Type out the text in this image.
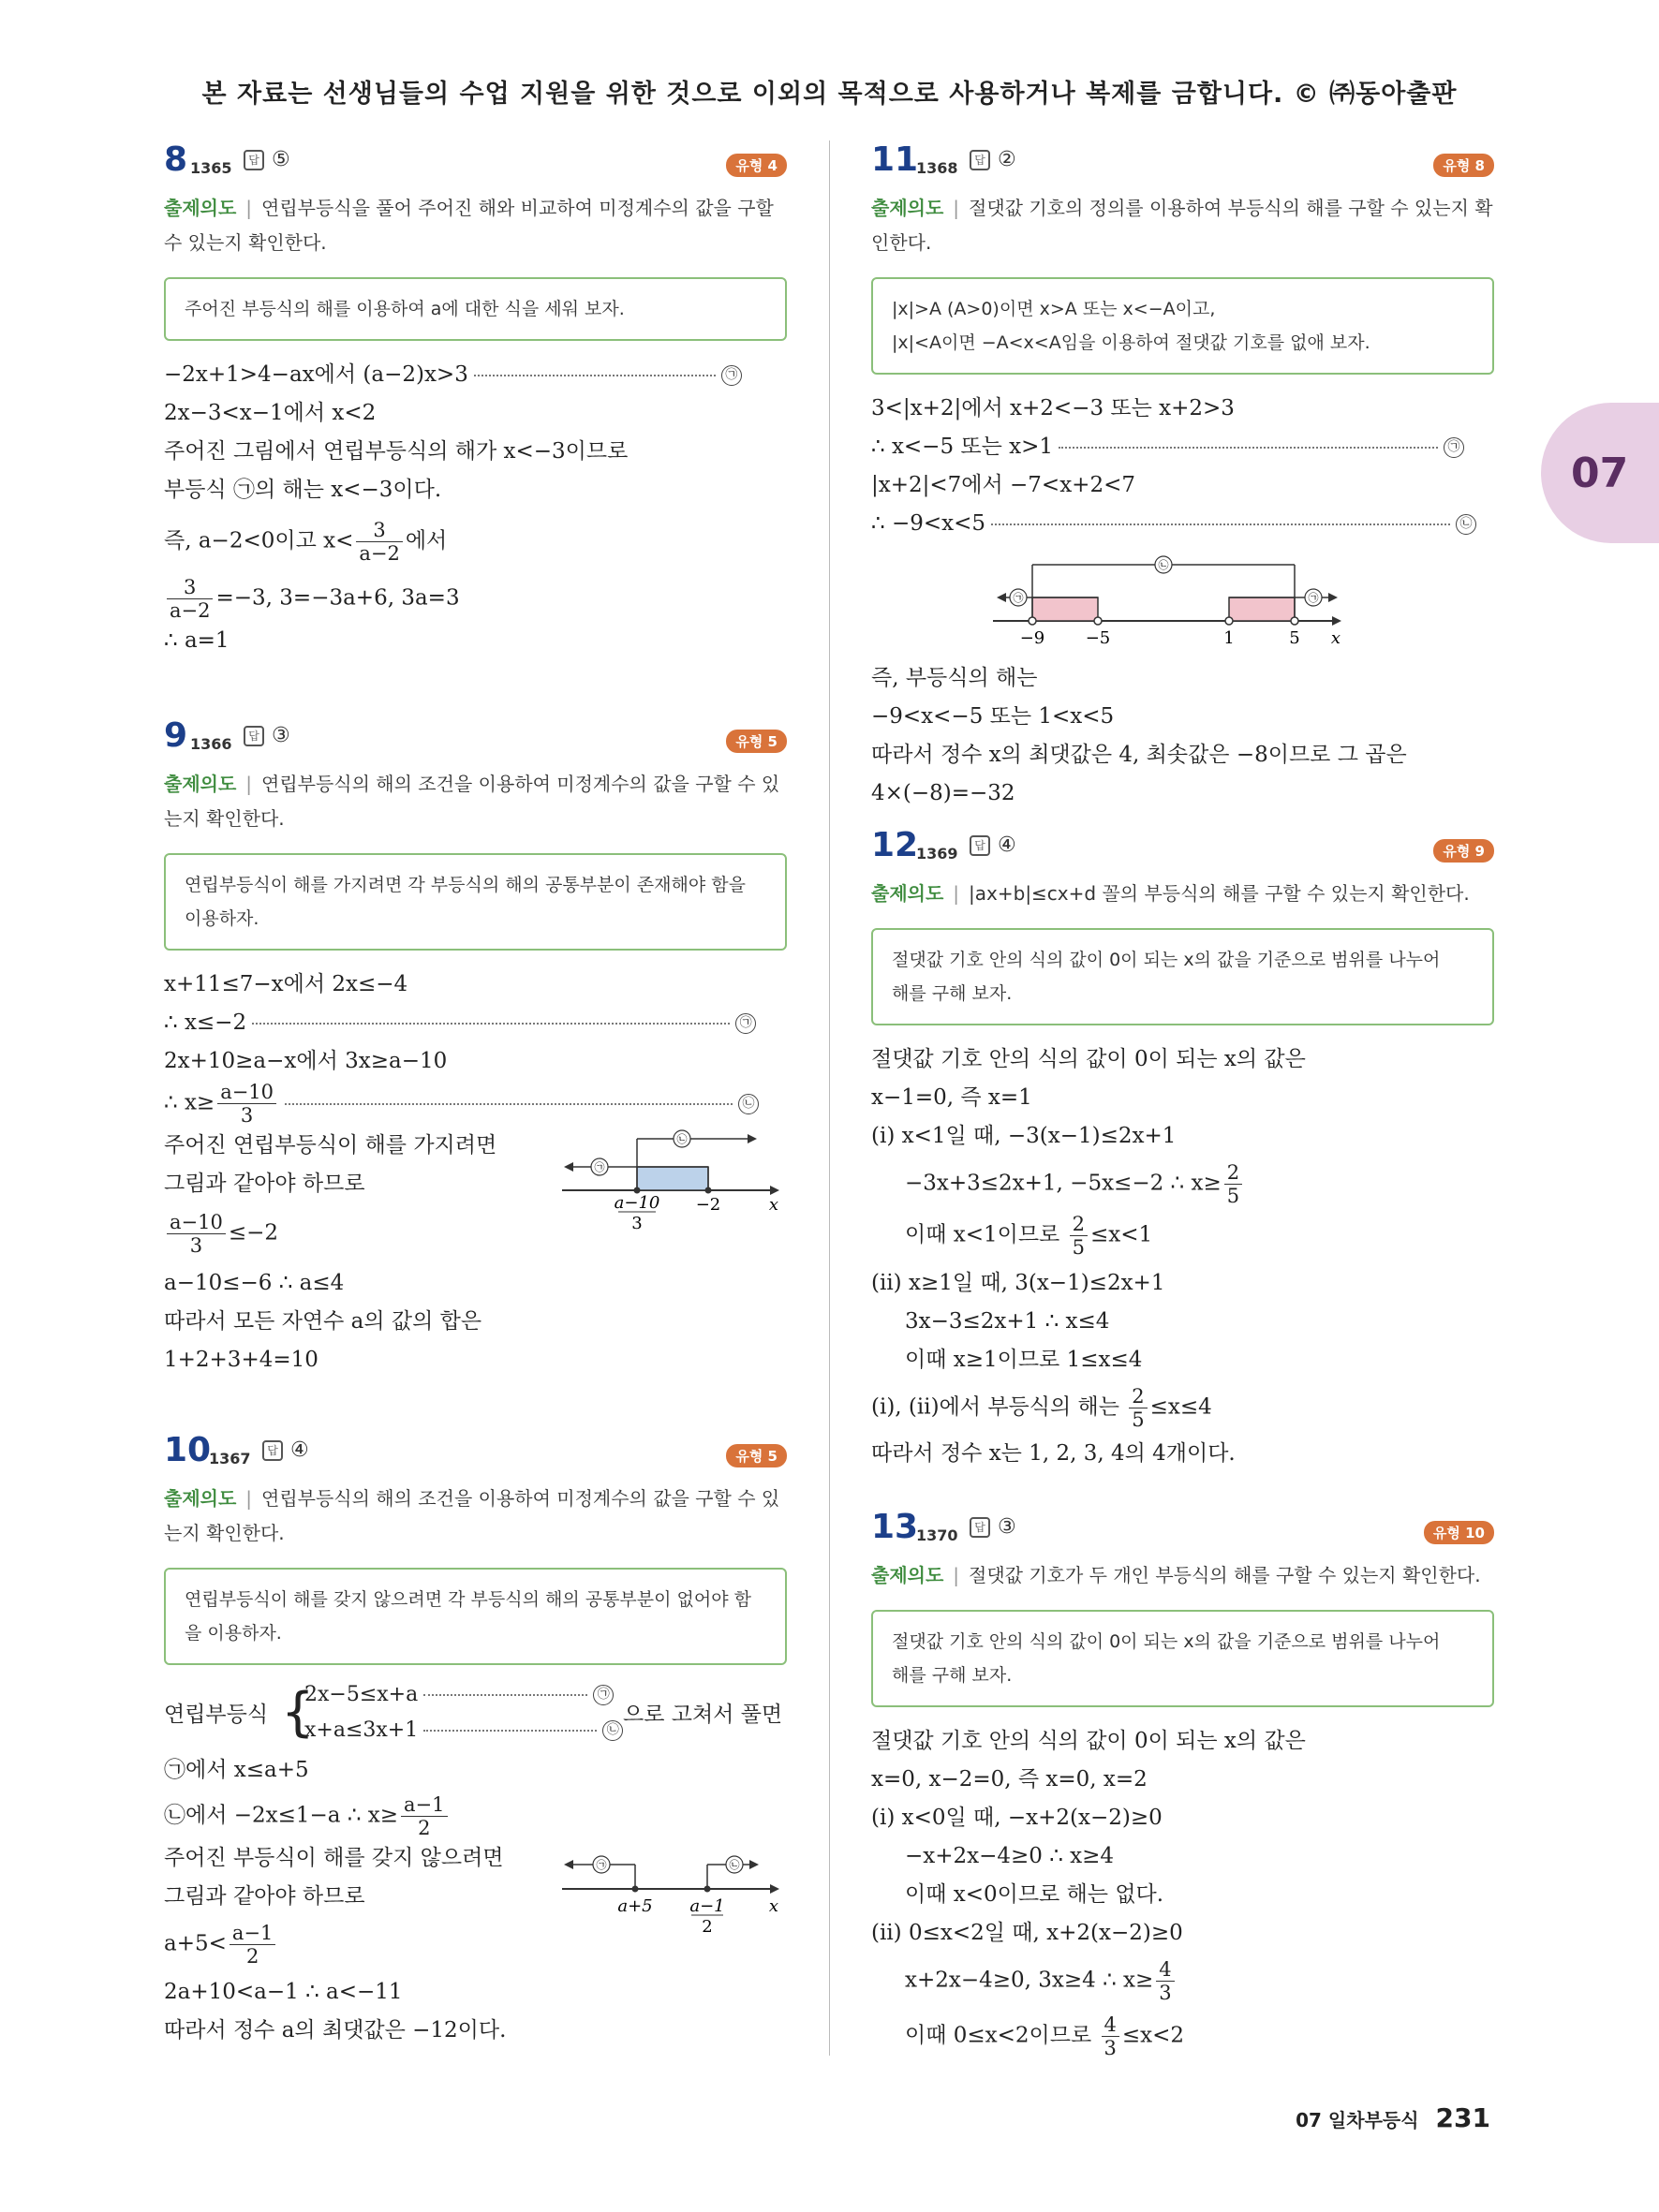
본 자료는 선생님들의 수업 지원을 위한 것으로 이외의 목적으로 사용하거나 복제를 금합니다. © ㈜동아출판
07
8 1365	답 ⑤	유형 4
출제의도 | 연립부등식을 풀어 주어진 해와 비교하여 미정계수의 값을 구할
수 있는지 확인한다.
주어진 부등식의 해를 이용하여 a에 대한 식을 세워 보자.
−2x+1>4−ax에서 (a−2)x>3	㉠
2x−3<x−1에서 x<2
주어진 그림에서 연립부등식의 해가 x<−3이므로
부등식 ㉠의 해는 x<−3이다.
즉, a−2<0이고 $x< \frac{3}{a-2}$ 에서
$\frac{3}{a-2} =-3$, 3=−3a+6, 3a=3
∴ a=1
9 1366	답 ③	유형 5
출제의도 | 연립부등식의 해의 조건을 이용하여 미정계수의 값을 구할 수 있
는지 확인한다.
연립부등식이 해를 가지려면 각 부등식의 해의 공통부분이 존재해야 함을
이용하자.
x+11≤7−x에서 2x≤−4
∴ x≤−2	㉠
2x+10≥a−x에서 3x≥a−10
∴ $x\ge \frac{a-10}{3}$	㉡
주어진 연립부등식이 해를 가지려면
그림과 같아야 하므로
$\frac{a-10}{3} \le-2$
a−10≤−6 ∴ a≤4
따라서 모든 자연수 a의 값의 합은
1+2+3+4=10
㉠
㉡
a−10
3
−2	x
10
1367	답 ④	유형 5
출제의도 | 연립부등식의 해의 조건을 이용하여 미정계수의 값을 구할 수 있
는지 확인한다.
연립부등식이 해를 갖지 않으려면 각 부등식의 해의 공통부분이 없어야 함
을 이용하자.
연립부등식 {
2x−5≤x+a	㉠
x+a≤3x+1	㉡
으로 고쳐서 풀면
㉠에서 x≤a+5
㉡에서 −2x≤1−a ∴ $x\ge \frac{a-1}{2}$
주어진 부등식이 해를 갖지 않으려면
그림과 같아야 하므로
$a+5< \frac{a-1}{2}$
2a+10<a−1 ∴ a<−11
따라서 정수 a의 최댓값은 −12이다.
㉠	㉡
a+5 a−1
2
x
11
1368	답 ②	유형 8
출제의도 | 절댓값 기호의 정의를 이용하여 부등식의 해를 구할 수 있는지 확
인한다.
|x|>A (A>0)이면 x>A 또는 x<−A이고,
|x|<A이면 −A<x<A임을 이용하여 절댓값 기호를 없애 보자.
3<|x+2|에서 x+2<−3 또는 x+2>3
∴ x<−5 또는 x>1	㉠
|x+2|<7에서 −7<x+2<7
∴ −9<x<5	㉡
㉠	㉠
㉡
−9 −5	1	5 x
즉, 부등식의 해는
−9<x<−5 또는 1<x<5
따라서 정수 x의 최댓값은 4, 최솟값은 −8이므로 그 곱은
4×(−8)=−32
12
1369	답 ④	유형 9
출제의도 | |ax+b|≤cx+d 꼴의 부등식의 해를 구할 수 있는지 확인한다.
절댓값 기호 안의 식의 값이 0이 되는 x의 값을 기준으로 범위를 나누어
해를 구해 보자.
절댓값 기호 안의 식의 값이 0이 되는 x의 값은
x−1=0, 즉 x=1
(ⅰ) x<1일 때, −3(x−1)≤2x+1
−3x+3≤2x+1, −5x≤−2 ∴ $x\ge \frac{2}{5}$
이때 x<1이므로 $\frac{2}{5} \le x<1$
(ⅱ) x≥1일 때, 3(x−1)≤2x+1
3x−3≤2x+1 ∴ x≤4
이때 x≥1이므로 1≤x≤4
(ⅰ), (ⅱ)에서 부등식의 해는 $\frac{2}{5} \le x\le 4$
따라서 정수 x는 1, 2, 3, 4의 4개이다.
13
1370	답 ③	유형 10
출제의도 | 절댓값 기호가 두 개인 부등식의 해를 구할 수 있는지 확인한다.
절댓값 기호 안의 식의 값이 0이 되는 x의 값을 기준으로 범위를 나누어
해를 구해 보자.
절댓값 기호 안의 식의 값이 0이 되는 x의 값은
x=0, x−2=0, 즉 x=0, x=2
(ⅰ) x<0일 때, −x+2(x−2)≥0
−x+2x−4≥0 ∴ x≥4
이때 x<0이므로 해는 없다.
(ⅱ) 0≤x<2일 때, x+2(x−2)≥0
x+2x−4≥0, 3x≥4 ∴ $x\ge \frac{4}{3}$
이때 0≤x<2이므로 $\frac{4}{3} \le x<2$
07 일차부등식 231
